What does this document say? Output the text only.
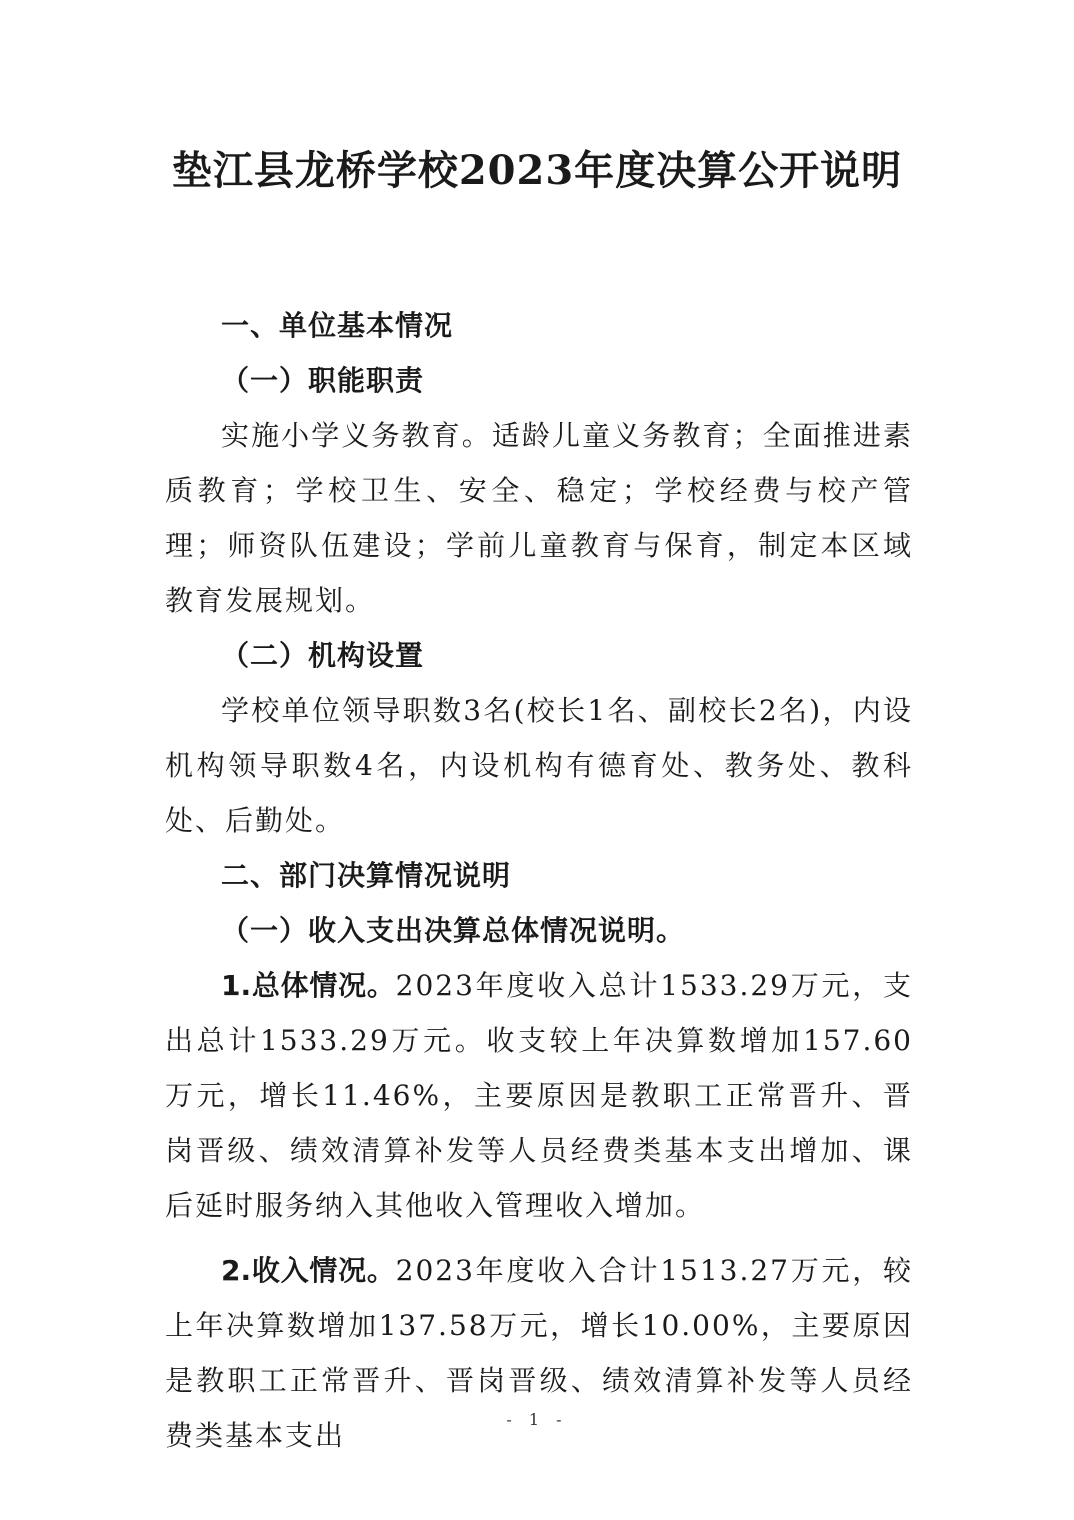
垫江县龙桥学校2023年度决算公开说明

一、单位基本情况

（一）职能职责

实施小学义务教育。适龄儿童义务教育；全面推进素质教育；学校卫生、安全、稳定；学校经费与校产管理；师资队伍建设；学前儿童教育与保育，制定本区域教育发展规划。

（二）机构设置

学校单位领导职数3名(校长1名、副校长2名)，内设机构领导职数4名，内设机构有德育处、教务处、教科处、后勤处。

二、部门决算情况说明

（一）收入支出决算总体情况说明。

1.总体情况。2023年度收入总计1533.29万元，支出总计1533.29万元。收支较上年决算数增加157.60万元，增长11.46%，主要原因是教职工正常晋升、晋岗晋级、绩效清算补发等人员经费类基本支出增加、课后延时服务纳入其他收入管理收入增加。

2.收入情况。2023年度收入合计1513.27万元，较上年决算数增加137.58万元，增长10.00%，主要原因是教职工正常晋升、晋岗晋级、绩效清算补发等人员经费类基本支出	- 1 -
